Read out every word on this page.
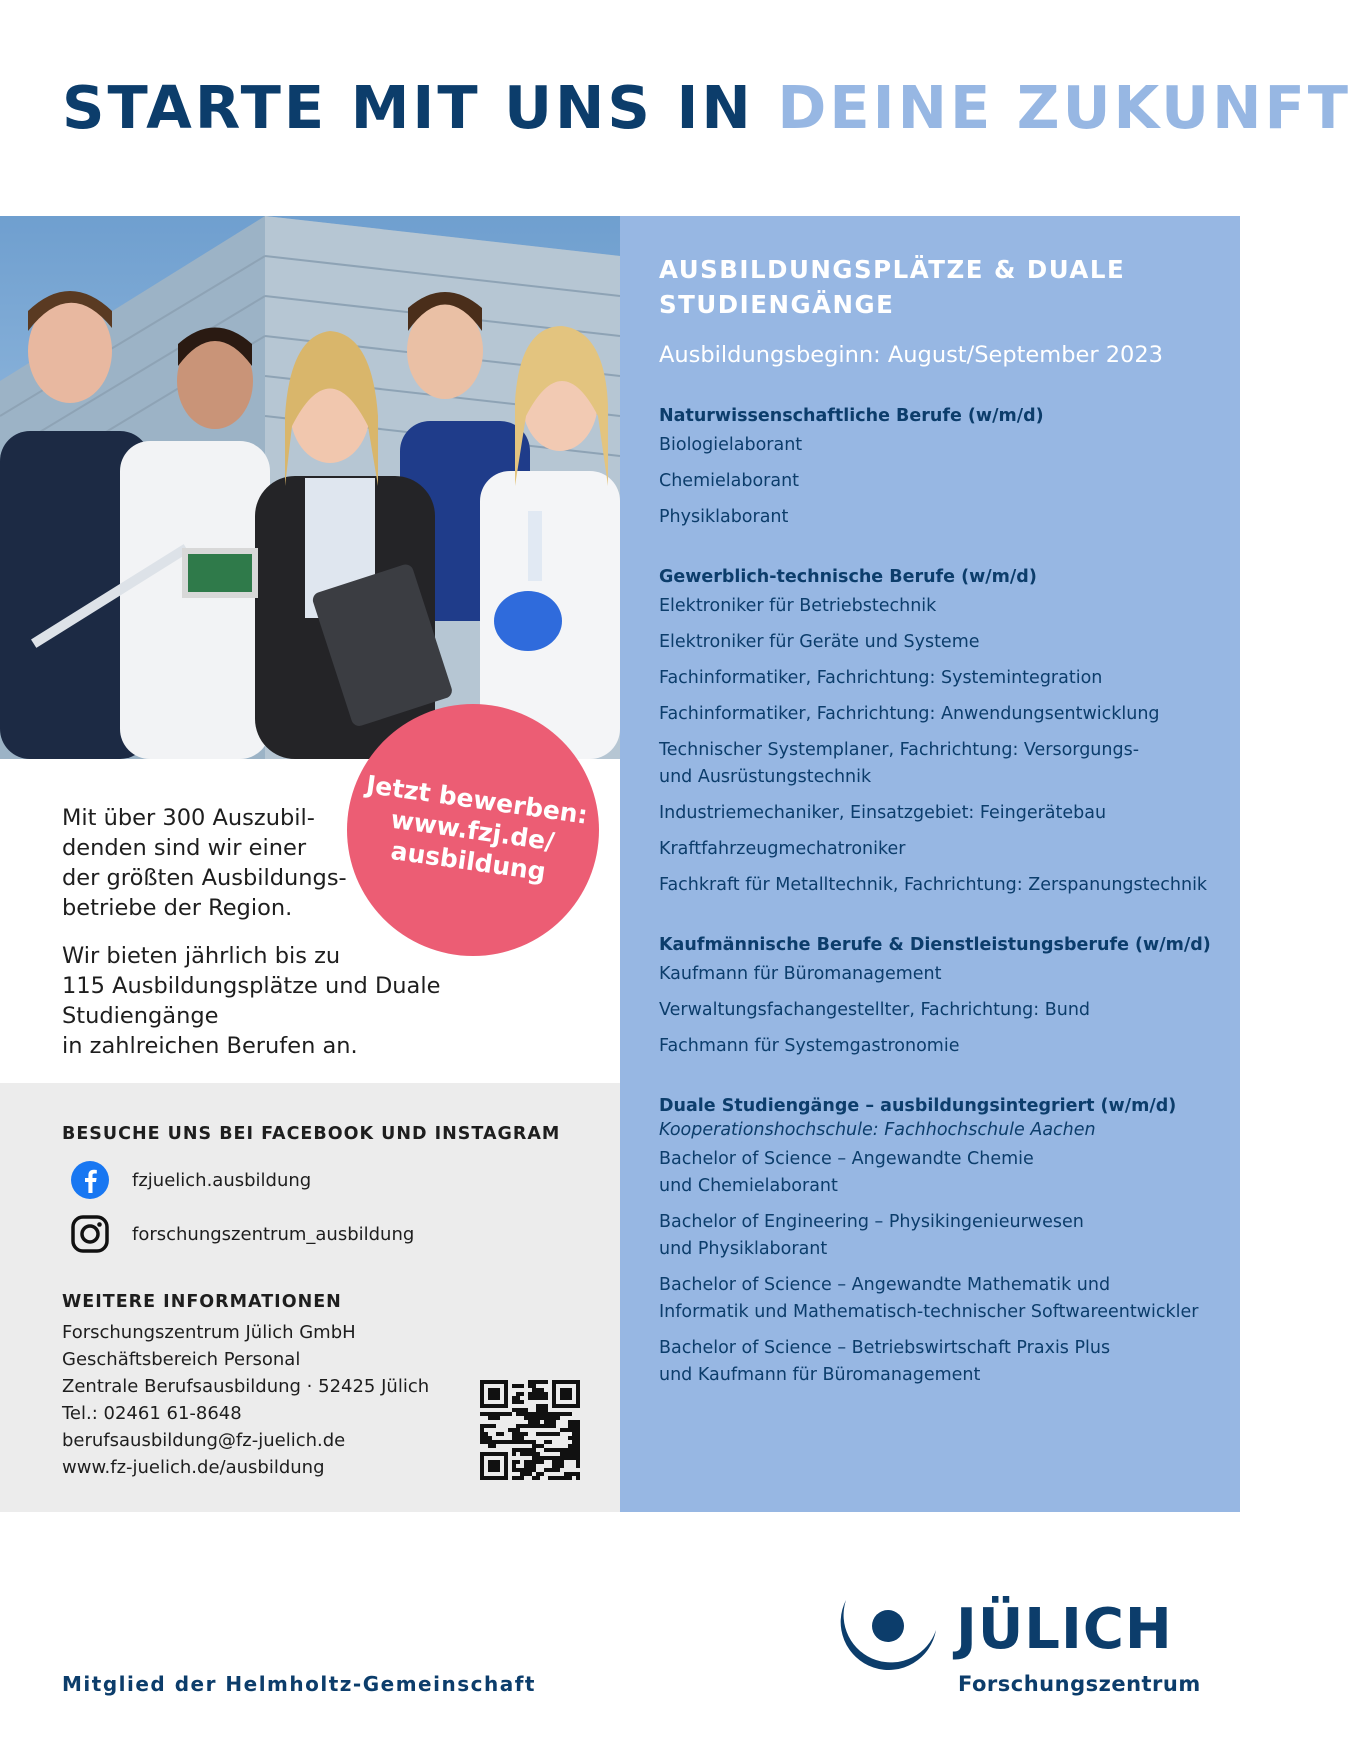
STARTE MIT UNS IN DEINE ZUKUNFT

Mit über 300 Auszubil-
denden sind wir einer
der größten Ausbildungs-
betriebe der Region.

Wir bieten jährlich bis zu
115 Ausbildungsplätze und Duale Studiengänge
in zahlreichen Berufen an.

Jetzt bewerben:
www.fzj.de/
ausbildung
BESUCHE UNS BEI FACEBOOK UND INSTAGRAM
fzjuelich.ausbildung
forschungszentrum_ausbildung
WEITERE INFORMATIONEN
Forschungszentrum Jülich GmbH
Geschäftsbereich Personal
Zentrale Berufsausbildung · 52425 Jülich
Tel.: 02461 61-8648
berufsausbildung@fz-juelich.de
www.fz-juelich.de/ausbildung
AUSBILDUNGSPLÄTZE & DUALE STUDIENGÄNGE

Ausbildungsbeginn: August/September 2023

Naturwissenschaftliche Berufe (w/m/d)
Biologielaborant
Chemielaborant
Physiklaborant
Gewerblich-technische Berufe (w/m/d)
Elektroniker für Betriebstechnik
Elektroniker für Geräte und Systeme
Fachinformatiker, Fachrichtung: Systemintegration
Fachinformatiker, Fachrichtung: Anwendungsentwicklung
Technischer Systemplaner, Fachrichtung: Versorgungs-
und Ausrüstungstechnik
Industriemechaniker, Einsatzgebiet: Feingerätebau
Kraftfahrzeugmechatroniker
Fachkraft für Metalltechnik, Fachrichtung: Zerspanungstechnik
Kaufmännische Berufe & Dienstleistungsberufe (w/m/d)
Kaufmann für Büromanagement
Verwaltungsfachangestellter, Fachrichtung: Bund
Fachmann für Systemgastronomie
Duale Studiengänge – ausbildungsintegriert (w/m/d)
Kooperationshochschule: Fachhochschule Aachen
Bachelor of Science – Angewandte Chemie
und Chemielaborant
Bachelor of Engineering – Physikingenieurwesen
und Physiklaborant
Bachelor of Science – Angewandte Mathematik und
Informatik und Mathematisch-technischer Softwareentwickler
Bachelor of Science – Betriebswirtschaft Praxis Plus
und Kaufmann für Büromanagement

Mitglied der Helmholtz-Gemeinschaft

JÜLICH
Forschungszentrum
